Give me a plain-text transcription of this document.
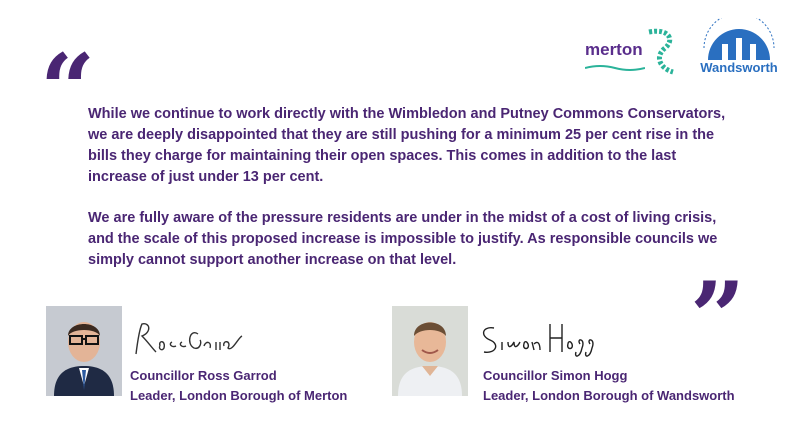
“	merton
Wandsworth

While we continue to work directly with the Wimbledon and Putney Commons Conservators, we are deeply disappointed that they are still pushing for a minimum 25 per cent rise in the bills they charge for maintaining their open spaces. This comes in addition to the last increase of just under 13 per cent.

We are fully aware of the pressure residents are under in the midst of a cost of living crisis, and the scale of this proposed increase is impossible to justify. As responsible councils we simply cannot support another increase on that level.

”
Councillor Ross Garrod
Leader, London Borough of Merton
Councillor Simon Hogg
Leader, London Borough of Wandsworth
